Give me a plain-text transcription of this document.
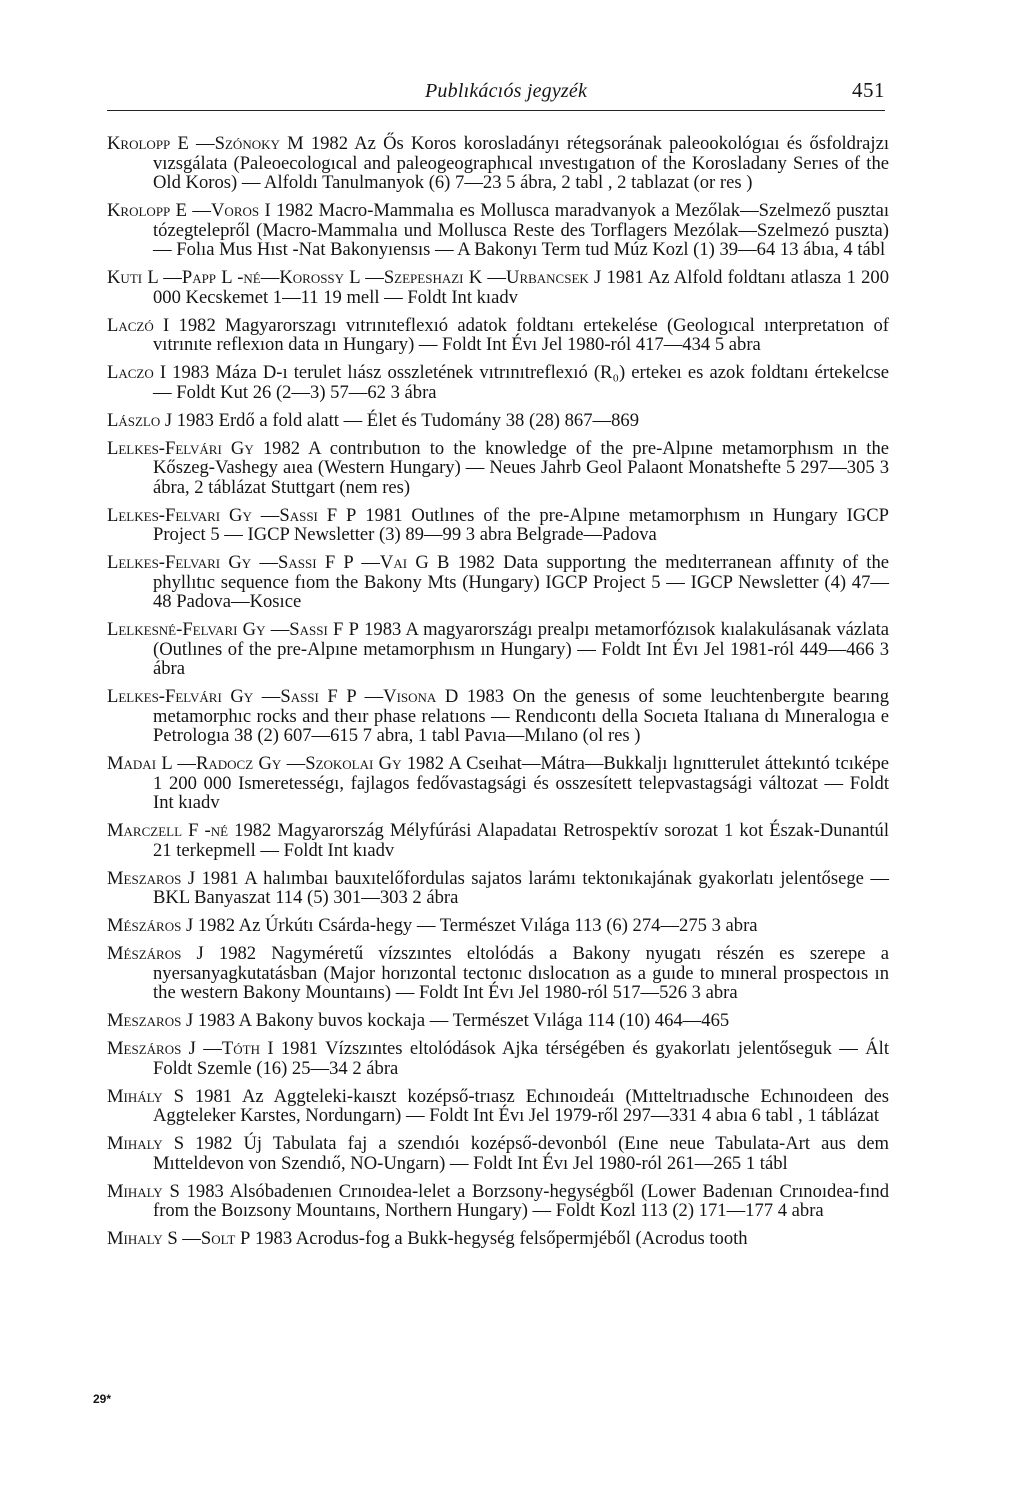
Publıkácıós jegyzék	451

Krolopp E —Szónoky M 1982 Az Ős Koros korosladányı rétegsorának paleookológıaı és ősfoldrajzı vızsgálata (Paleoecologıcal and paleogeographıcal ınvestıgatıon of the Korosladany Serıes of the Old Koros) — Alfoldı Tanulmanyok (6) 7—23 5 ábra, 2 tabl , 2 tablazat (or res )

Krolopp E —Voros I 1982 Macro-Mammalıa es Mollusca maradvanyok a Mezőlak—Szelmező pusztaı tózegtelepről (Macro-Mammalıa und Mollusca Reste des Torflagers Mezólak—Szelmezó puszta) — Folıa Mus Hıst -Nat Bakonyıensıs — A Bakonyı Term tud Múz Kozl (1) 39—64 13 ábıa, 4 tábl

Kuti L —Papp L -né—Korossy L —Szepeshazi K —Urbancsek J 1981 Az Alfold foldtanı atlasza 1 200 000 Kecskemet 1—11 19 mell — Foldt Int kıadv

Laczó I 1982 Magyarorszagı vıtrınıteflexıó adatok foldtanı ertekelése (Geologıcal ınterpretatıon of vıtrınıte reflexıon data ın Hungary) — Foldt Int Évı Jel 1980-ról 417—434 5 abra

Laczo I 1983 Máza D-ı terulet lıász osszletének vıtrınıtreflexıó (R₀) ertekeı es azok foldtanı értekelcse — Foldt Kut 26 (2—3) 57—62 3 ábra

Lászlo J 1983 Erdő a fold alatt — Élet és Tudomány 38 (28) 867—869

Lelkes-Felvári Gy 1982 A contrıbutıon to the knowledge of the pre-Alpıne metamorphısm ın the Kőszeg-Vashegy aıea (Western Hungary) — Neues Jahrb Geol Palaont Monatshefte 5 297—305 3 ábra, 2 táblázat Stuttgart (nem res)

Lelkes-Felvari Gy —Sassi F P 1981 Outlınes of the pre-Alpıne metamorphısm ın Hungary IGCP Project 5 — IGCP Newsletter (3) 89—99 3 abra Belgrade—Padova

Lelkes-Felvari Gy —Sassi F P —Vaı G B 1982 Data supportıng the medıterranean affınıty of the phyllıtıc sequence fıom the Bakony Mts (Hungary) IGCP Project 5 — IGCP Newsletter (4) 47—48 Padova—Kosıce

Lelkesné-Felvari Gy —Sassi F P 1983 A magyarországı prealpı metamorfózısok kıalakulásanak vázlata (Outlınes of the pre-Alpıne metamorphısm ın Hungary) — Foldt Int Évı Jel 1981-ról 449—466 3 ábra

Lelkes-Felvári Gy —Sassi F P —Visona D 1983 On the genesıs of some leuchtenbergıte bearıng metamorphıc rocks and theır phase relatıons — Rendıcontı della Socıeta Italıana dı Mıneralogıa e Petrologıa 38 (2) 607—615 7 abra, 1 tabl Pavıa—Mılano (ol res )

Madaı L —Radocz Gy —Szokolai Gy 1982 A Cseıhat—Mátra—Bukkaljı lıgnıtterulet áttekıntó tcıképe 1 200 000 Ismeretességı, fajlagos fedővastagsági és osszesített telepvastagsági változat — Foldt Int kıadv

Marczell F -né 1982 Magyarország Mélyfúrási Alapadataı Retrospektív sorozat 1 kot Észak-Dunantúl 21 terkepmell — Foldt Int kıadv

Meszaros J 1981 A halımbaı bauxıtelőfordulas sajatos larámı tektonıkajának gyakorlatı jelentősege — BKL Banyaszat 114 (5) 301—303 2 ábra

Mészáros J 1982 Az Úrkútı Csárda-hegy — Természet Vılága 113 (6) 274—275 3 abra

Mészáros J 1982 Nagyméretű vízszıntes eltolódás a Bakony nyugatı részén es szerepe a nyersanyagkutatásban (Major horızontal tectonıc dıslocatıon as a guıde to mıneral prospectoıs ın the western Bakony Mountaıns) — Foldt Int Évı Jel 1980-ról 517—526 3 abra

Meszaros J 1983 A Bakony buvos kockaja — Természet Vılága 114 (10) 464—465

Meszáros J —Tóth I 1981 Vízszıntes eltolódások Ajka térségében és gyakorlatı jelentőseguk — Ált Foldt Szemle (16) 25—34 2 ábra

Mihály S 1981 Az Aggteleki-kaıszt kozépső-trıasz Echınoıdeáı (Mıtteltrıadısche Echınoıdeen des Aggteleker Karstes, Nordungarn) — Foldt Int Évı Jel 1979-ről 297—331 4 abıa 6 tabl , 1 táblázat

Mihaly S 1982 Új Tabulata faj a szendıóı kozépső-devonból (Eıne neue Tabulata-Art aus dem Mıtteldevon von Szendıő, NO-Ungarn) — Foldt Int Évı Jel 1980-ról 261—265 1 tábl

Mihaly S 1983 Alsóbadenıen Crınoıdea-lelet a Borzsony-hegységből (Lower Badenıan Crınoıdea-fınd from the Boızsony Mountaıns, Northern Hungary) — Foldt Kozl 113 (2) 171—177 4 abra

Mihaly S —Solt P 1983 Acrodus-fog a Bukk-hegység felsőpermjéből (Acrodus tooth

29*
